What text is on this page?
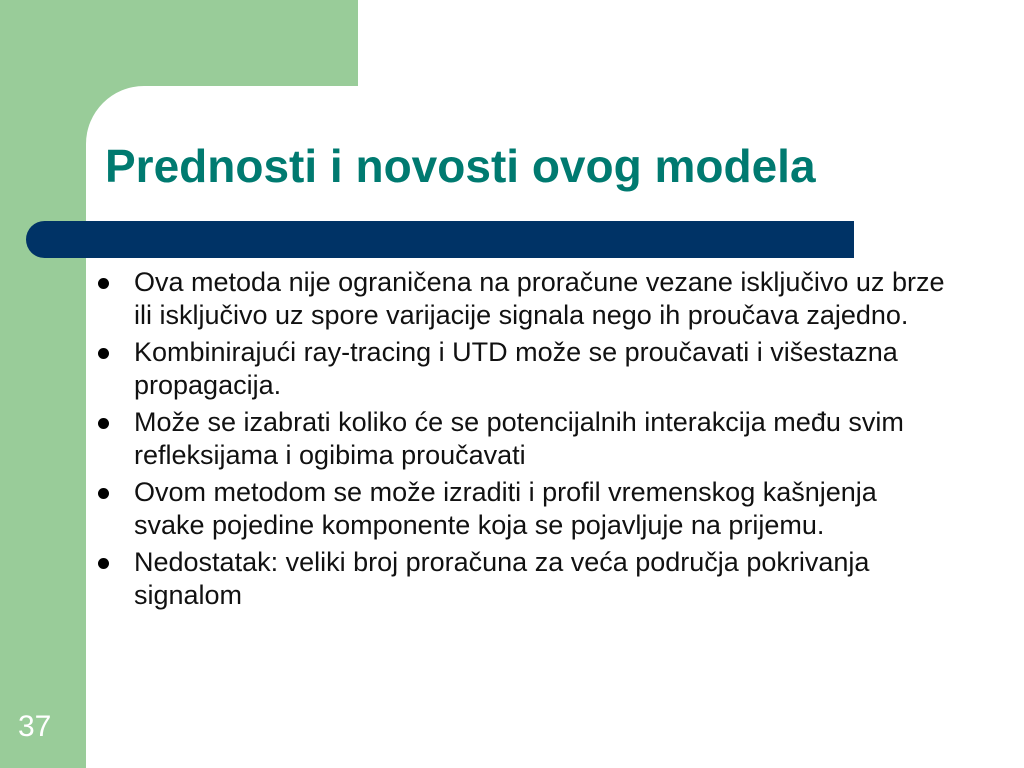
Prednosti i novosti ovog modela
Ova metoda nije ograničena na proračune vezane isključivo uz brze ili isključivo uz spore varijacije signala nego ih proučava zajedno.
Kombinirajući ray-tracing i UTD može se proučavati i višestazna propagacija.
Može se izabrati koliko će se potencijalnih interakcija među svim refleksijama i ogibima proučavati
Ovom metodom se može izraditi i profil vremenskog kašnjenja svake pojedine komponente koja se pojavljuje na prijemu.
Nedostatak: veliki broj proračuna za veća područja pokrivanja signalom
37
